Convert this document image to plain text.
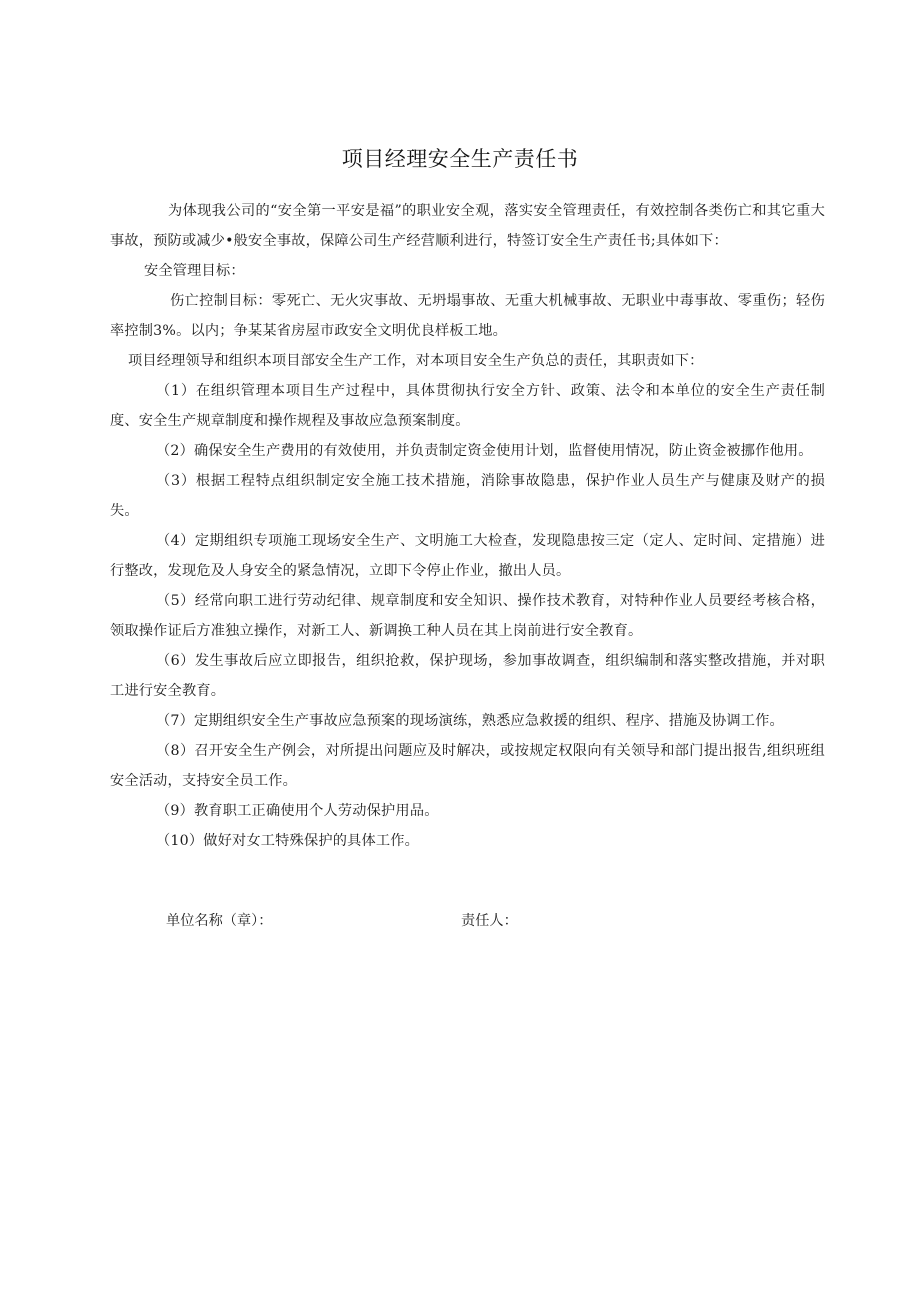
项目经理安全生产责任书

为体现我公司的“安全第一平安是福”的职业安全观，落实安全管理责任，有效控制各类伤亡和其它重大事故，预防或减少•般安全事故，保障公司生产经营顺利进行，特签订安全生产责任书;具体如下：

安全管理目标：

伤亡控制目标：零死亡、无火灾事故、无坍塌事故、无重大机械事故、无职业中毒事故、零重伤；轻伤率控制3%。以内；争某某省房屋市政安全文明优良样板工地。

项目经理领导和组织本项目部安全生产工作，对本项目安全生产负总的责任，其职责如下：

（1）在组织管理本项目生产过程中，具体贯彻执行安全方针、政策、法令和本单位的安全生产责任制度、安全生产规章制度和操作规程及事故应急预案制度。

（2）确保安全生产费用的有效使用，并负责制定资金使用计划，监督使用情况，防止资金被挪作他用。

（3）根据工程特点组织制定安全施工技术措施，消除事故隐患，保护作业人员生产与健康及财产的损失。

（4）定期组织专项施工现场安全生产、文明施工大检查，发现隐患按三定（定人、定时间、定措施）进行整改，发现危及人身安全的紧急情况，立即下令停止作业，撤出人员。

（5）经常向职工进行劳动纪律、规章制度和安全知识、操作技术教育，对特种作业人员要经考核合格，领取操作证后方准独立操作，对新工人、新调换工种人员在其上岗前进行安全教育。

（6）发生事故后应立即报告，组织抢救，保护现场，参加事故调查，组织编制和落实整改措施，并对职工进行安全教育。

（7）定期组织安全生产事故应急预案的现场演练，熟悉应急救援的组织、程序、措施及协调工作。

（8）召开安全生产例会，对所提出问题应及时解决，或按规定权限向有关领导和部门提出报告,组织班组安全活动，支持安全员工作。

（9）教育职工正确使用个人劳动保护用品。

（10）做好对女工特殊保护的具体工作。

单位名称（章）：	责任人：
